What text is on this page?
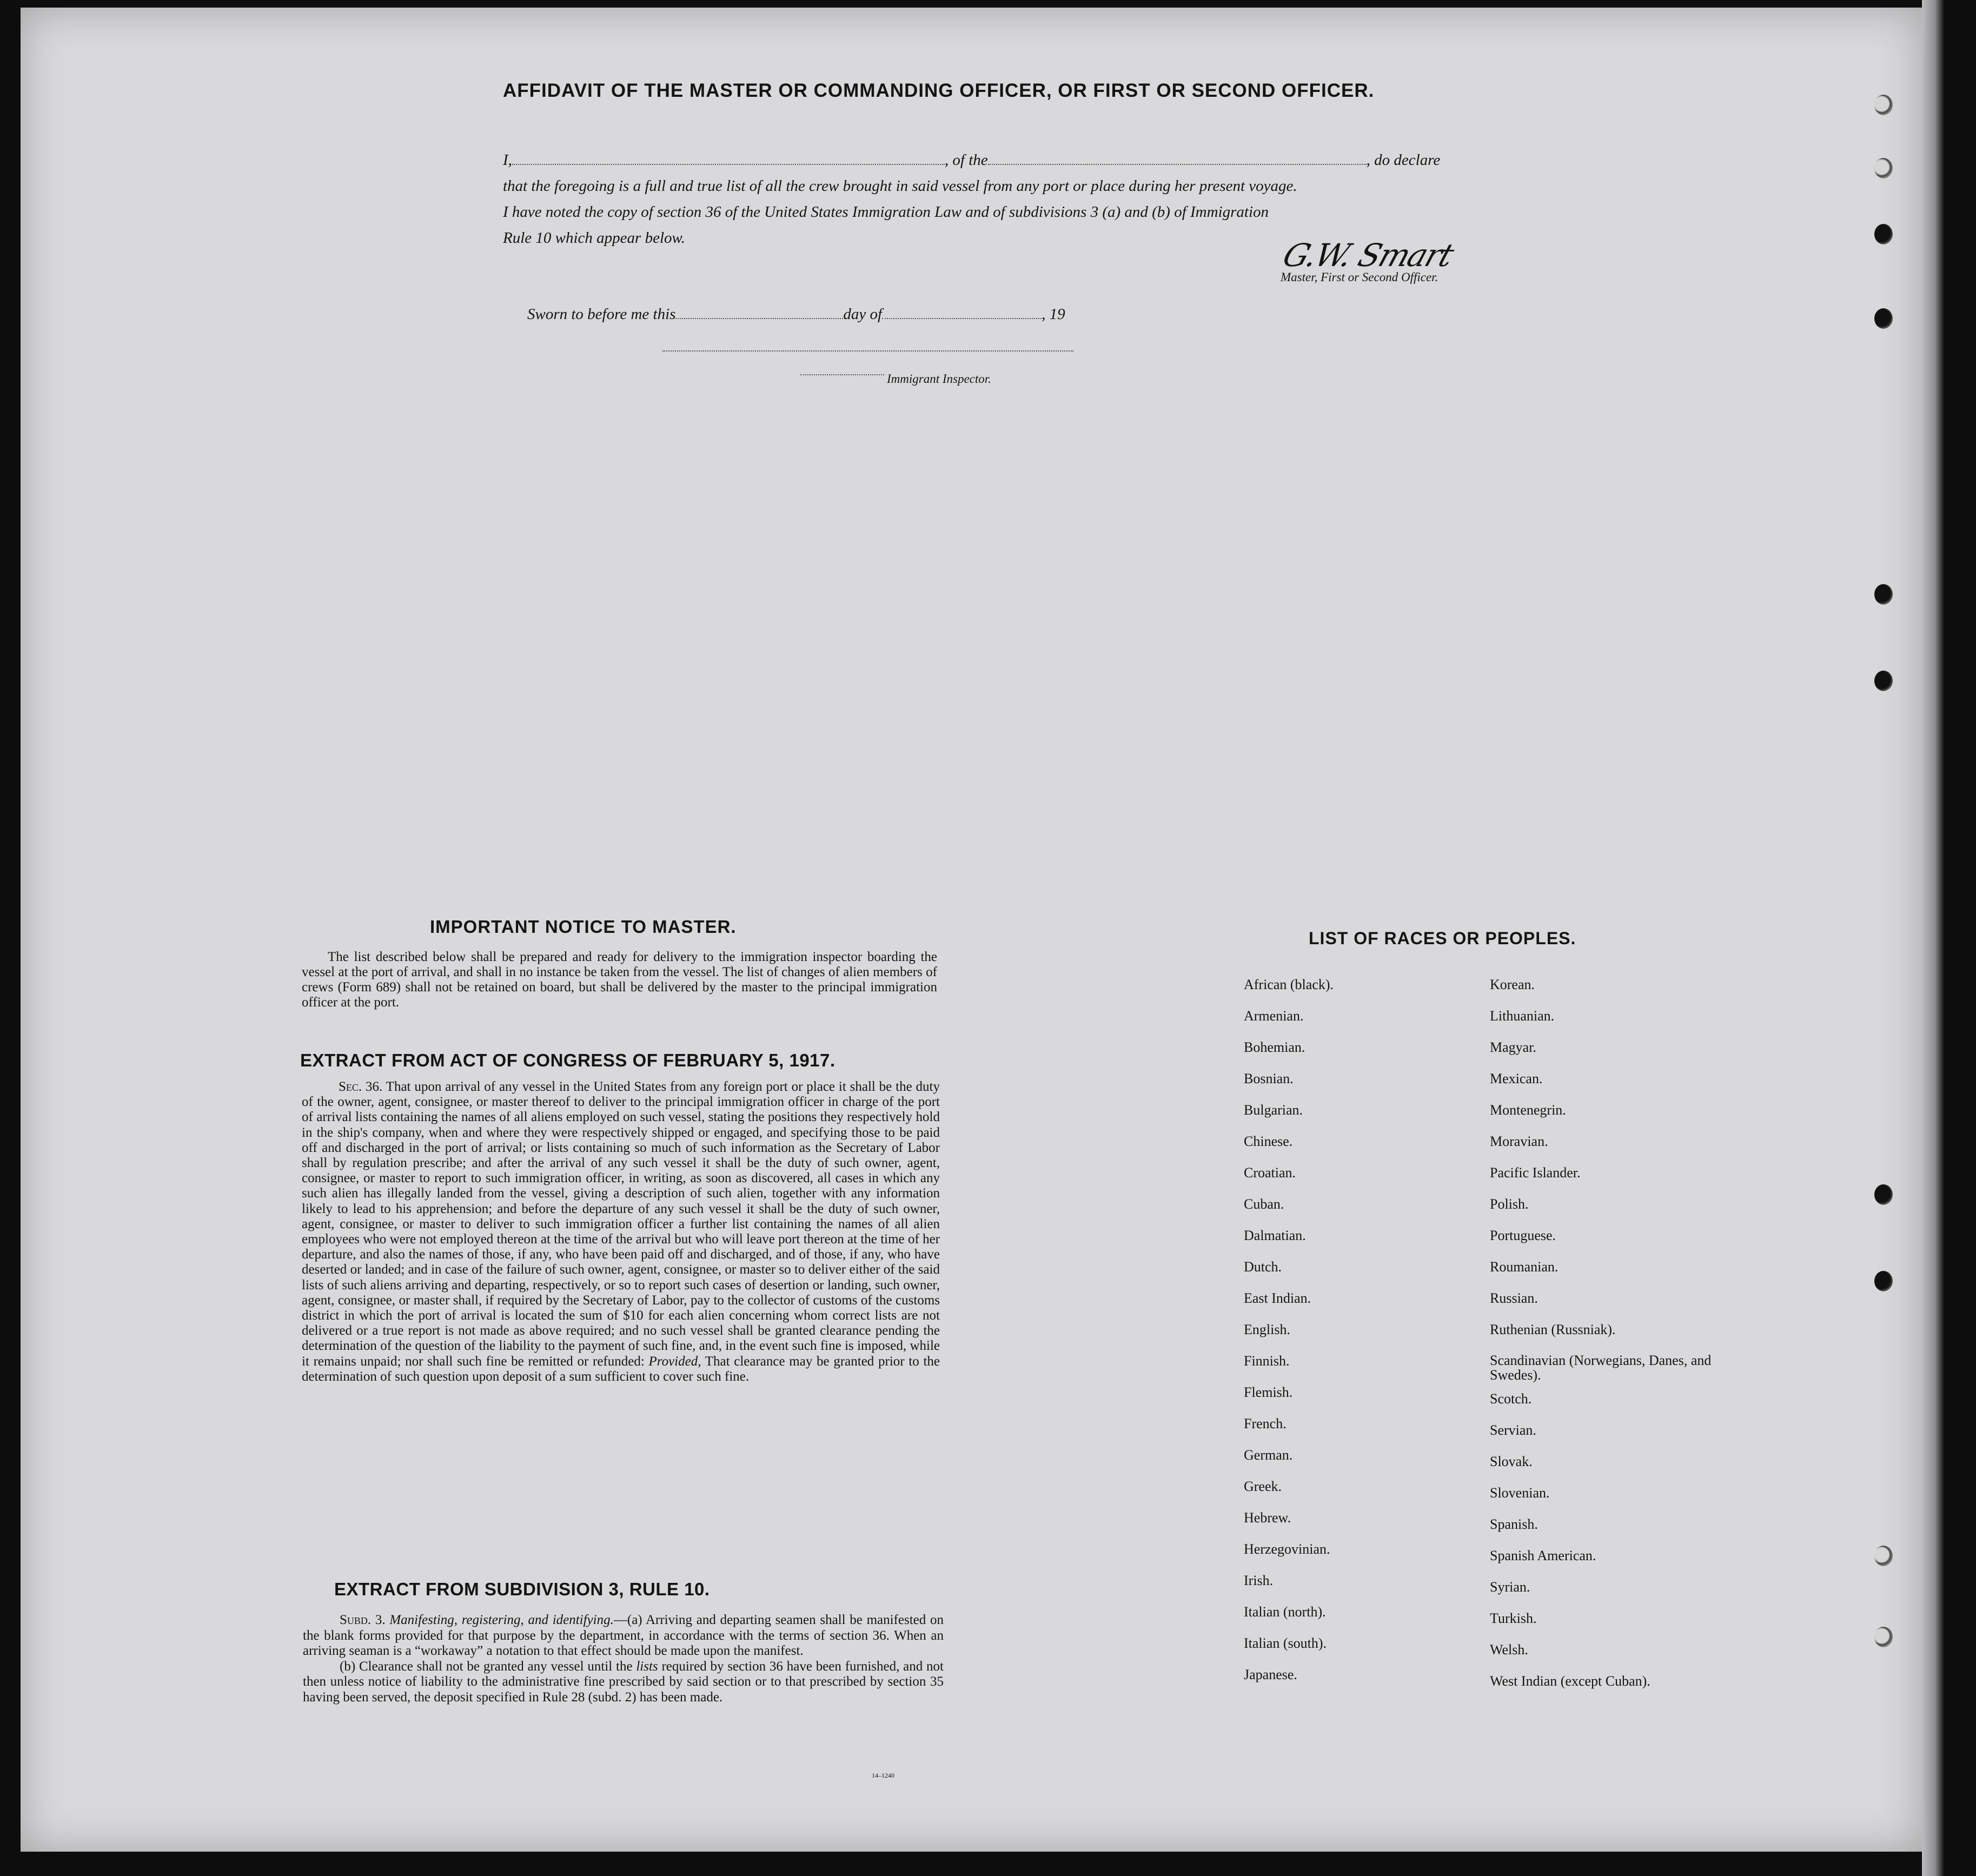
AFFIDAVIT OF THE MASTER OR COMMANDING OFFICER, OR FIRST OR SECOND OFFICER.
I,	, of the	, do declare
that the foregoing is a full and true list of all the crew brought in said vessel from any port or place during her present voyage.
I have noted the copy of section 36 of the United States Immigration Law and of subdivisions 3 (a) and (b) of Immigration
Rule 10 which appear below.	G.W. Smart
Master, First or Second Officer.
Sworn to before me this	day of	, 19
Immigrant Inspector.
IMPORTANT NOTICE TO MASTER.

The list described below shall be prepared and ready for delivery to the immigration inspector boarding the vessel at the port of arrival, and shall in no instance be taken from the vessel. The list of changes of alien members of crews (Form 689) shall not be retained on board, but shall be delivered by the master to the principal immigration officer at the port.

EXTRACT FROM ACT OF CONGRESS OF FEBRUARY 5, 1917.

Sec. 36. That upon arrival of any vessel in the United States from any foreign port or place it shall be the duty of the owner, agent, consignee, or master thereof to deliver to the principal immigration officer in charge of the port of arrival lists containing the names of all aliens employed on such vessel, stating the positions they respectively hold in the ship's company, when and where they were respectively shipped or engaged, and specifying those to be paid off and discharged in the port of arrival; or lists containing so much of such information as the Secretary of Labor shall by regulation prescribe; and after the arrival of any such vessel it shall be the duty of such owner, agent, consignee, or master to report to such immigration officer, in writing, as soon as discovered, all cases in which any such alien has illegally landed from the vessel, giving a description of such alien, together with any information likely to lead to his apprehension; and before the departure of any such vessel it shall be the duty of such owner, agent, consignee, or master to deliver to such immigration officer a further list containing the names of all alien employees who were not employed thereon at the time of the arrival but who will leave port thereon at the time of her departure, and also the names of those, if any, who have been paid off and discharged, and of those, if any, who have deserted or landed; and in case of the failure of such owner, agent, consignee, or master so to deliver either of the said lists of such aliens arriving and departing, respectively, or so to report such cases of desertion or landing, such owner, agent, consignee, or master shall, if required by the Secretary of Labor, pay to the collector of customs of the customs district in which the port of arrival is located the sum of $10 for each alien concerning whom correct lists are not delivered or a true report is not made as above required; and no such vessel shall be granted clearance pending the determination of the question of the liability to the payment of such fine, and, in the event such fine is imposed, while it remains unpaid; nor shall such fine be remitted or refunded: Provided, That clearance may be granted prior to the determination of such question upon deposit of a sum sufficient to cover such fine.

EXTRACT FROM SUBDIVISION 3, RULE 10.

Subd. 3. Manifesting, registering, and identifying.—(a) Arriving and departing seamen shall be manifested on the blank forms provided for that purpose by the department, in accordance with the terms of section 36. When an arriving seaman is a “workaway” a notation to that effect should be made upon the manifest.

(b) Clearance shall not be granted any vessel until the lists required by section 36 have been furnished, and not then unless notice of liability to the administrative fine prescribed by said section or to that prescribed by section 35 having been served, the deposit specified in Rule 28 (subd. 2) has been made.

14–1240
LIST OF RACES OR PEOPLES.
African (black).
Armenian.
Bohemian.
Bosnian.
Bulgarian.
Chinese.
Croatian.
Cuban.
Dalmatian.
Dutch.
East Indian.
English.
Finnish.
Flemish.
French.
German.
Greek.
Hebrew.
Herzegovinian.
Irish.
Italian (north).
Italian (south).
Japanese.
Korean.
Lithuanian.
Magyar.
Mexican.
Montenegrin.
Moravian.
Pacific Islander.
Polish.
Portuguese.
Roumanian.
Russian.
Ruthenian (Russniak).
Scandinavian (Norwegians, Danes, and Swedes).
Scotch.
Servian.
Slovak.
Slovenian.
Spanish.
Spanish American.
Syrian.
Turkish.
Welsh.
West Indian (except Cuban).
